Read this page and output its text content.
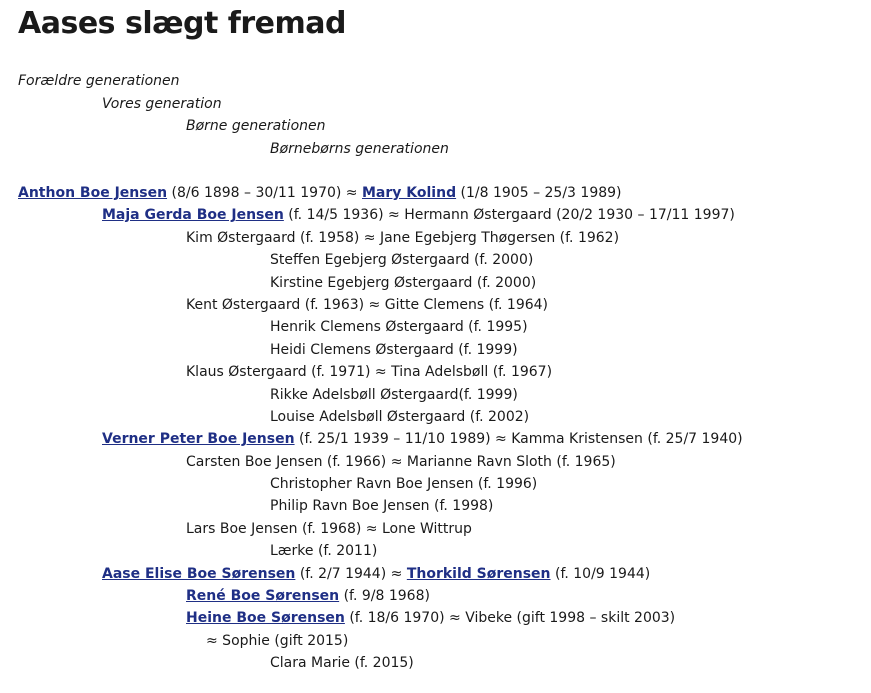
Aases slægt fremad
Forældre generationen
Vores generation
Børne generationen
Børnebørns generationen
Anthon Boe Jensen (8/6 1898 – 30/11 1970) ≈ Mary Kolind (1/8 1905 – 25/3 1989)
Maja Gerda Boe Jensen (f. 14/5 1936) ≈ Hermann Østergaard (20/2 1930 – 17/11 1997)
Kim Østergaard (f. 1958) ≈ Jane Egebjerg Thøgersen (f. 1962)
Steffen Egebjerg Østergaard (f. 2000)
Kirstine Egebjerg Østergaard (f. 2000)
Kent Østergaard (f. 1963) ≈ Gitte Clemens (f. 1964)
Henrik Clemens Østergaard (f. 1995)
Heidi Clemens Østergaard (f. 1999)
Klaus Østergaard (f. 1971) ≈ Tina Adelsbøll (f. 1967)
Rikke Adelsbøll Østergaard(f. 1999)
Louise Adelsbøll Østergaard (f. 2002)
Verner Peter Boe Jensen (f. 25/1 1939 – 11/10 1989) ≈ Kamma Kristensen (f. 25/7 1940)
Carsten Boe Jensen (f. 1966) ≈ Marianne Ravn Sloth (f. 1965)
Christopher Ravn Boe Jensen (f. 1996)
Philip Ravn Boe Jensen (f. 1998)
Lars Boe Jensen (f. 1968) ≈ Lone Wittrup
Lærke (f. 2011)
Aase Elise Boe Sørensen (f. 2/7 1944) ≈ Thorkild Sørensen (f. 10/9 1944)
René Boe Sørensen (f. 9/8 1968)
Heine Boe Sørensen (f. 18/6 1970) ≈ Vibeke (gift 1998 – skilt 2003)
≈ Sophie (gift 2015)
Clara Marie (f. 2015)
